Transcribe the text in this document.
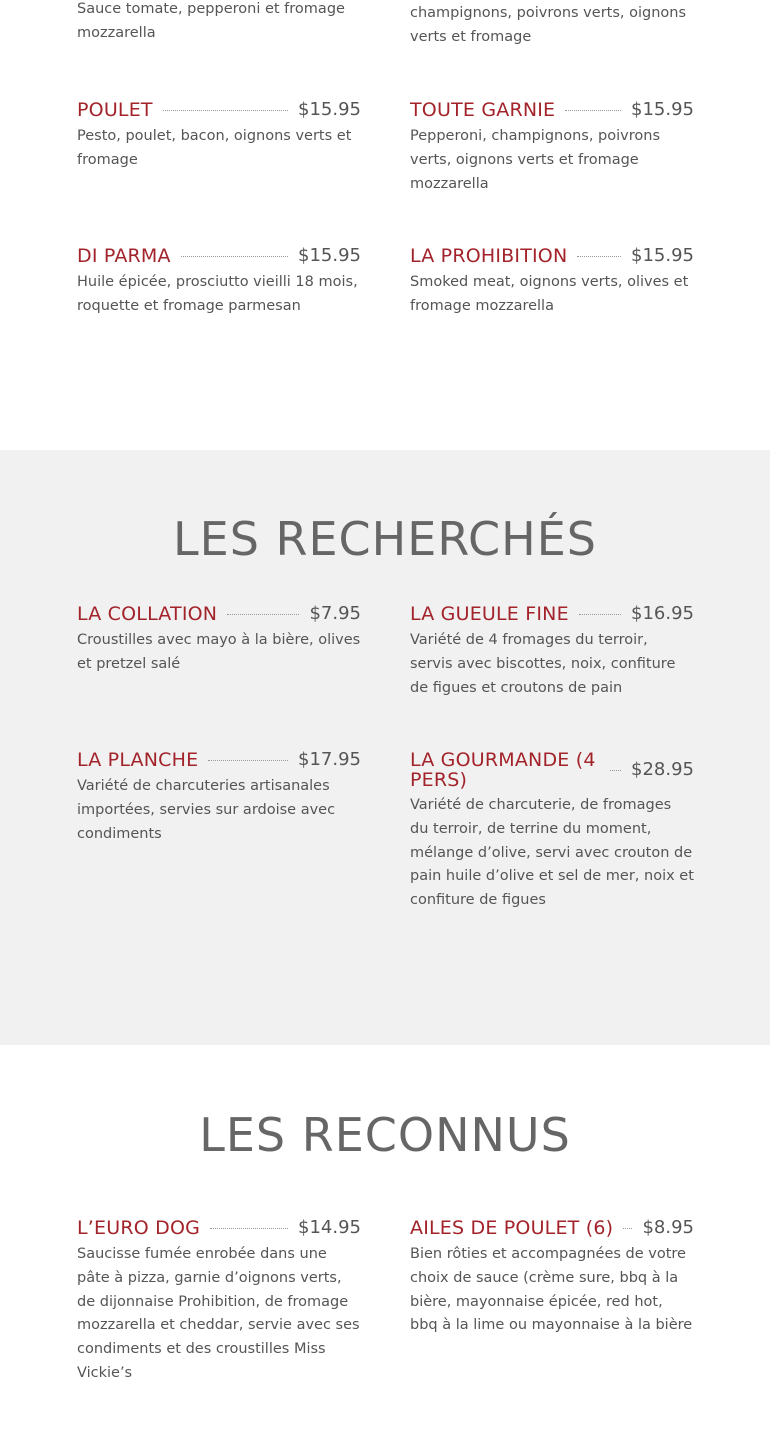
Sauce tomate, pepperoni et fromage mozzarella
champignons, poivrons verts, oignons verts et fromage
POULET	$15.95
Pesto, poulet, bacon, oignons verts et fromage
TOUTE GARNIE	$15.95
Pepperoni, champignons, poivrons verts, oignons verts et fromage mozzarella
DI PARMA	$15.95
Huile épicée, prosciutto vieilli 18 mois, roquette et fromage parmesan
LA PROHIBITION	$15.95
Smoked meat, oignons verts, olives et fromage mozzarella
LES RECHERCHÉS
LA COLLATION	$7.95
Croustilles avec mayo à la bière, olives et pretzel salé
LA GUEULE FINE	$16.95
Variété de 4 fromages du terroir, servis avec biscottes, noix, confiture de figues et croutons de pain
LA PLANCHE	$17.95
Variété de charcuteries artisanales importées, servies sur ardoise avec condiments
LA GOURMANDE (4 PERS)	$28.95
Variété de charcuterie, de fromages du terroir, de terrine du moment, mélange d’olive, servi avec crouton de pain huile d’olive et sel de mer, noix et confiture de figues
LES RECONNUS
L’EURO DOG	$14.95
Saucisse fumée enrobée dans une pâte à pizza, garnie d’oignons verts, de dijonnaise Prohibition, de fromage mozzarella et cheddar, servie avec ses condiments et des croustilles Miss Vickie’s
AILES DE POULET (6) $8.95
Bien rôties et accompagnées de votre choix de sauce (crème sure, bbq à la bière, mayonnaise épicée, red hot, bbq à la lime ou mayonnaise à la bière
